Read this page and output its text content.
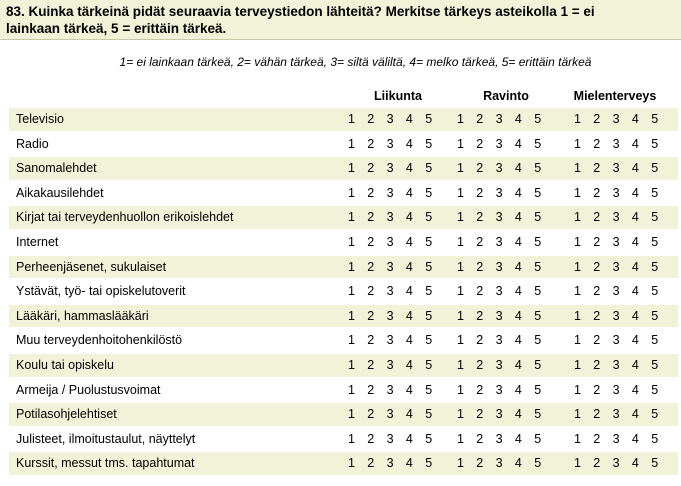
83. Kuinka tärkeinä pidät seuraavia terveystiedon lähteitä? Merkitse tärkeys asteikolla 1 = ei
lainkaan tärkeä, 5 = erittäin tärkeä.
1= ei lainkaan tärkeä, 2= vähän tärkeä, 3= siltä väliltä, 4= melko tärkeä, 5= erittäin tärkeä
Liikunta	Ravinto	Mielenterveys
Televisio	1 2 3 4 5	1 2 3 4 5	1 2 3 4 5
Radio	1 2 3 4 5	1 2 3 4 5	1 2 3 4 5
Sanomalehdet	1 2 3 4 5	1 2 3 4 5	1 2 3 4 5
Aikakausilehdet	1 2 3 4 5	1 2 3 4 5	1 2 3 4 5
Kirjat tai terveydenhuollon erikoislehdet	1 2 3 4 5	1 2 3 4 5	1 2 3 4 5
Internet	1 2 3 4 5	1 2 3 4 5	1 2 3 4 5
Perheenjäsenet, sukulaiset	1 2 3 4 5	1 2 3 4 5	1 2 3 4 5
Ystävät, työ- tai opiskelutoverit	1 2 3 4 5	1 2 3 4 5	1 2 3 4 5
Lääkäri, hammaslääkäri	1 2 3 4 5	1 2 3 4 5	1 2 3 4 5
Muu terveydenhoitohenkilöstö	1 2 3 4 5	1 2 3 4 5	1 2 3 4 5
Koulu tai opiskelu	1 2 3 4 5	1 2 3 4 5	1 2 3 4 5
Armeija / Puolustusvoimat	1 2 3 4 5	1 2 3 4 5	1 2 3 4 5
Potilasohjelehtiset	1 2 3 4 5	1 2 3 4 5	1 2 3 4 5
Julisteet, ilmoitustaulut, näyttelyt	1 2 3 4 5	1 2 3 4 5	1 2 3 4 5
Kurssit, messut tms. tapahtumat	1 2 3 4 5	1 2 3 4 5	1 2 3 4 5
